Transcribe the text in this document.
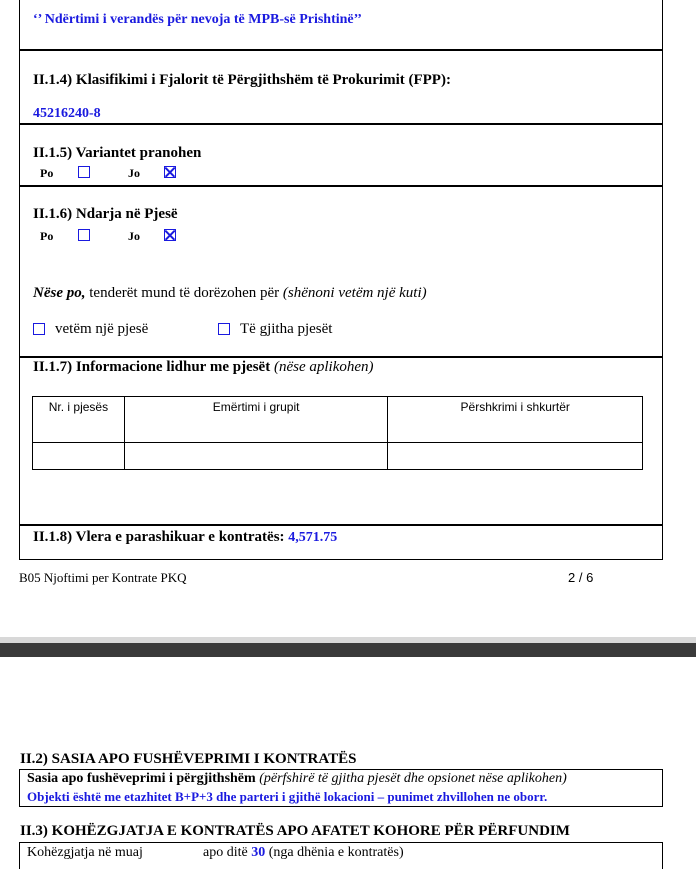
‘’ Ndërtimi i verandës për nevoja të MPB-së Prishtinë’’
II.1.4) Klasifikimi i Fjalorit të Përgjithshëm të Prokurimit (FPP):
45216240-8
II.1.5) Variantet pranohen
Po	Jo
II.1.6) Ndarja në Pjesë
Po	Jo
Nëse po, tenderët mund të dorëzohen për (shënoni vetëm një kuti)
vetëm një pjesë	Të gjitha pjesët
II.1.7) Informacione lidhur me pjesët (nëse aplikohen)
Nr. i pjesës	Emërtimi i grupit	Përshkrimi i shkurtër

II.1.8) Vlera e parashikuar e kontratës: 4,571.75
B05 Njoftimi per Kontrate PKQ	2 / 6
II.2) SASIA APO FUSHËVEPRIMI I KONTRATËS
Sasia apo fushëveprimi i përgjithshëm (përfshirë të gjitha pjesët dhe opsionet nëse aplikohen)
Objekti është me etazhitet B+P+3 dhe parteri i gjithë lokacioni – punimet zhvillohen ne oborr.
II.3) KOHËZGJATJA E KONTRATËS APO AFATET KOHORE PËR PËRFUNDIM
Kohëzgjatja në muaj	apo ditë 30 (nga dhënia e kontratës)
